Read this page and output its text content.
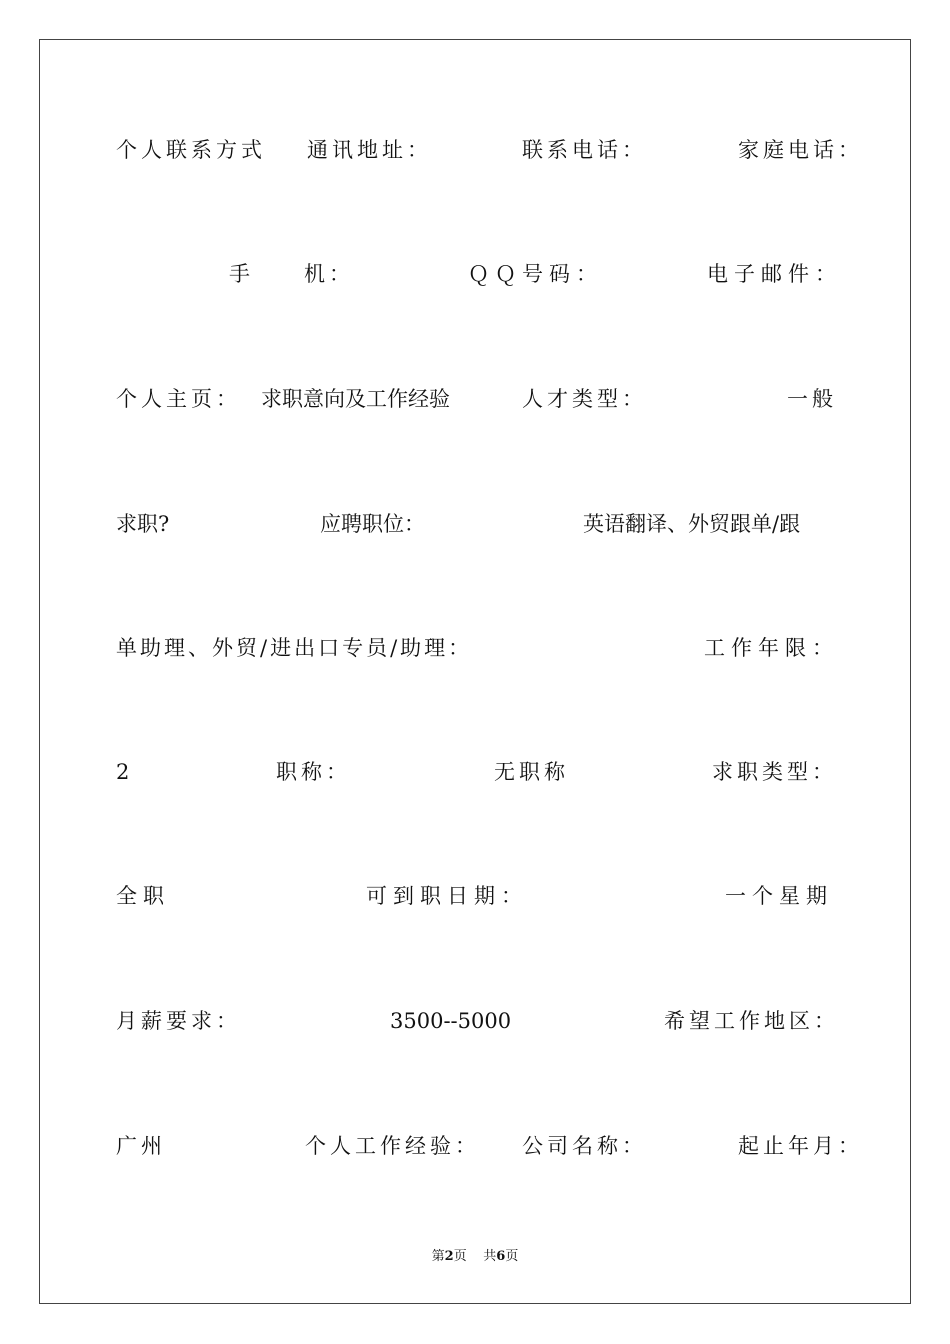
个人联系方式 通讯地址：	联系电话：	家庭电话：
手 机：	ＱＱ号码：	电子邮件：
个人主页： 求职意向及工作经验	人才类型：	一般
求职?	应聘职位：	英语翻译、外贸跟单/跟
单助理、外贸/进出口专员/助理：	工作年限：
2	职称：	无职称	求职类型：
全职	可到职日期：	一个星期
月薪要求：	3500--5000	希望工作地区：
广州	个人工作经验： 公司名称：	起止年月：
第2页 共6页
